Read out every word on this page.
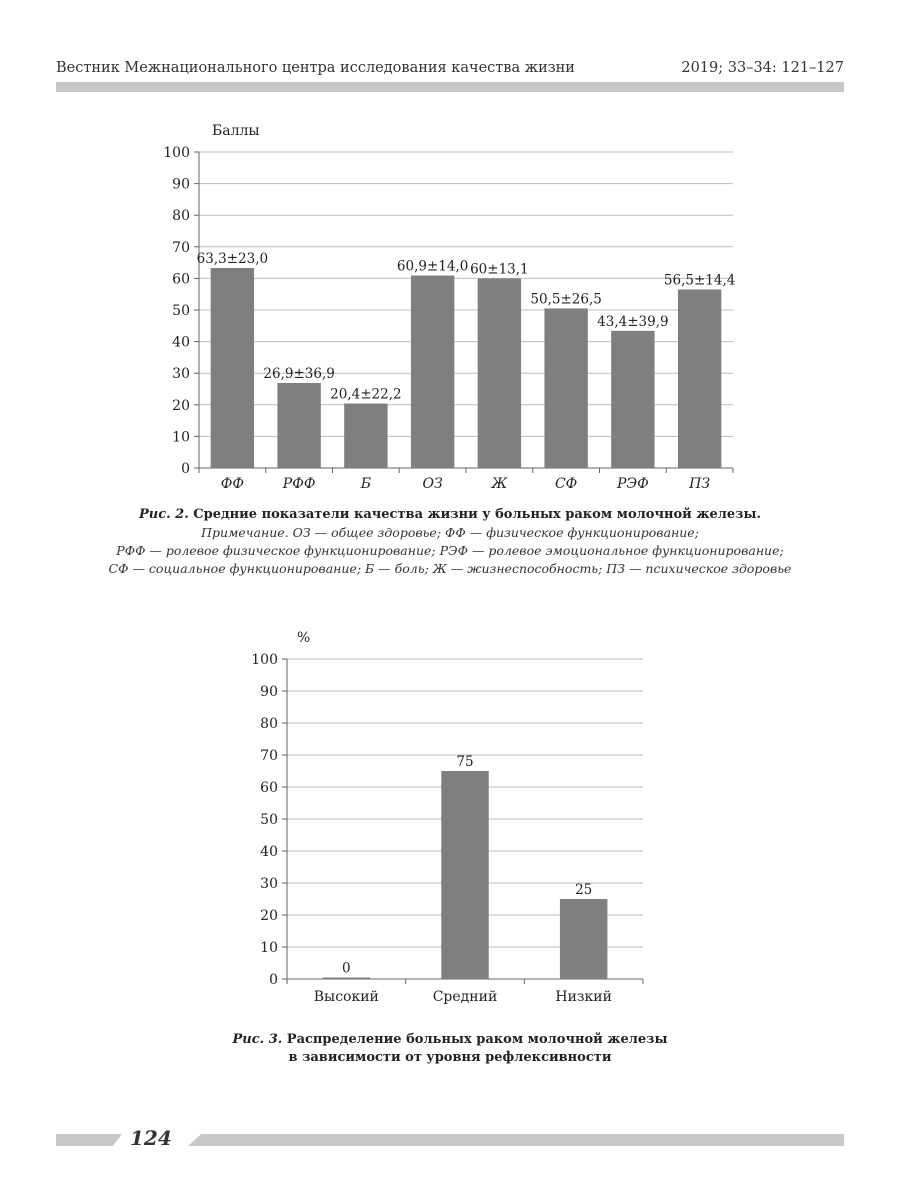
Вестник Межнационального центра исследования качества жизни	2019; 33–34: 121–127
0
10
20
30
40
50
60
70
80
90
100
Баллы
63,3±23,0
ФФ
26,9±36,9
РФФ
20,4±22,2
Б
60,9±14,0
ОЗ
60±13,1
Ж
50,5±26,5
СФ
43,4±39,9
РЭФ
56,5±14,4
ПЗ
Рис. 2. Средние показатели качества жизни у больных раком молочной железы.
Примечание. ОЗ — общее здоровье; ФФ — физическое функционирование;
РФФ — ролевое физическое функционирование; РЭФ — ролевое эмоциональное функционирование;
СФ — социальное функционирование; Б — боль; Ж — жизнеспособность; ПЗ — психическое здоровье
0
10
20
30
40
50
60
70
80
90
100
%
0
Высокий
75
Средний
25
Низкий
Рис. 3. Распределение больных раком молочной железы
в зависимости от уровня рефлексивности
124
